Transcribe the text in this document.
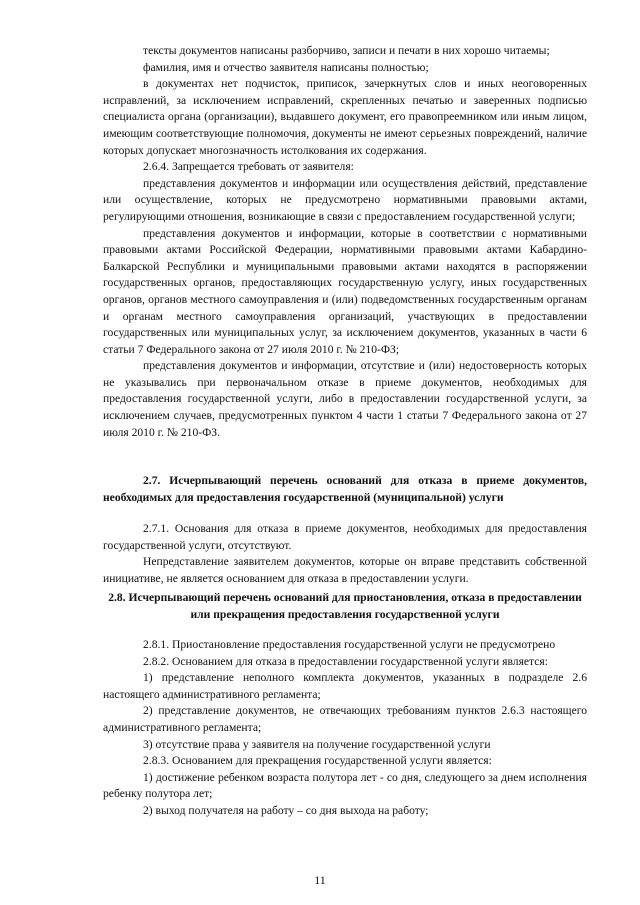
тексты документов написаны разборчиво, записи и печати в них хорошо читаемы;

фамилия, имя и отчество заявителя написаны полностью;

в документах нет подчисток, приписок, зачеркнутых слов и иных неоговоренных исправлений, за исключением исправлений, скрепленных печатью и заверенных подписью специалиста органа (организации), выдавшего документ, его правопреемником или иным лицом, имеющим соответствующие полномочия, документы не имеют серьезных повреждений, наличие которых допускает многозначность истолкования их содержания.

2.6.4. Запрещается требовать от заявителя:

представления документов и информации или осуществления действий, представление или осуществление, которых не предусмотрено нормативными правовыми актами, регулирующими отношения, возникающие в связи с предоставлением государственной услуги;

представления документов и информации, которые в соответствии с нормативными правовыми актами Российской Федерации, нормативными правовыми актами Кабардино-Балкарской Республики и муниципальными правовыми актами находятся в распоряжении государственных органов, предоставляющих государственную услугу, иных государственных органов, органов местного самоуправления и (или) подведомственных государственным органам и органам местного самоуправления организаций, участвующих в предоставлении государственных или муниципальных услуг, за исключением документов, указанных в части 6 статьи 7 Федерального закона от 27 июля 2010 г. № 210-ФЗ;

представления документов и информации, отсутствие и (или) недостоверность которых не указывались при первоначальном отказе в приеме документов, необходимых для предоставления государственной услуги, либо в предоставлении государственной услуги, за исключением случаев, предусмотренных пунктом 4 части 1 статьи 7 Федерального закона от 27 июля 2010 г. № 210-ФЗ.

2.7. Исчерпывающий перечень оснований для отказа в приеме документов, необходимых для предоставления государственной (муниципальной) услуги

2.7.1. Основания для отказа в приеме документов, необходимых для предоставления государственной услуги, отсутствуют.

Непредставление заявителем документов, которые он вправе представить собственной инициативе, не является основанием для отказа в предоставлении услуги.

2.8. Исчерпывающий перечень оснований для приостановления, отказа в предоставлении или прекращения предоставления государственной услуги

2.8.1. Приостановление предоставления государственной услуги не предусмотрено

2.8.2. Основанием для отказа в предоставлении государственной услуги является:

1) представление неполного комплекта документов, указанных в подразделе 2.6 настоящего административного регламента;

2) представление документов, не отвечающих требованиям пунктов 2.6.3 настоящего административного регламента;

3) отсутствие права у заявителя на получение государственной услуги

2.8.3. Основанием для прекращения государственной услуги является:

1) достижение ребенком возраста полутора лет - со дня, следующего за днем исполнения ребенку полутора лет;

2) выход получателя на работу – со дня выхода на работу;

11
